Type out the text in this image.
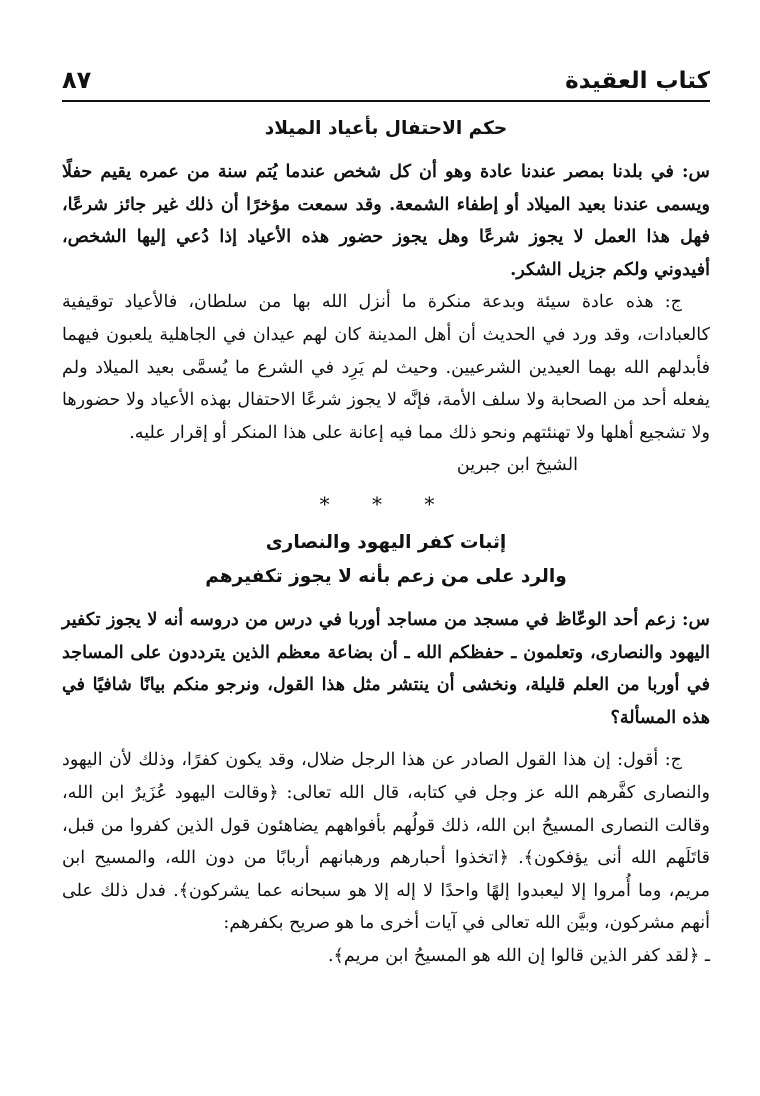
كتاب العقيدة
٨٧
حكم الاحتفال بأعياد الميلاد

س: في بلدنا بمصر عندنا عادة وهو أن كل شخص عندما يُتم سنة من عمره يقيم حفلًا ويسمى عندنا بعيد الميلاد أو إطفاء الشمعة. وقد سمعت مؤخرًا أن ذلك غير جائز شرعًا، فهل هذا العمل لا يجوز شرعًا وهل يجوز حضور هذه الأعياد إذا دُعي إليها الشخص، أفيدوني ولكم جزيل الشكر.

ج: هذه عادة سيئة وبدعة منكرة ما أنزل الله بها من سلطان، فالأعياد توقيفية كالعبادات، وقد ورد في الحديث أن أهل المدينة كان لهم عيدان في الجاهلية يلعبون فيهما فأبدلهم الله بهما العيدين الشرعيين. وحيث لم يَرِد في الشرع ما يُسمَّى بعيد الميلاد ولم يفعله أحد من الصحابة ولا سلف الأمة، فإنَّه لا يجوز شرعًا الاحتفال بهذه الأعياد ولا حضورها ولا تشجيع أهلها ولا تهنئتهم ونحو ذلك مما فيه إعانة على هذا المنكر أو إقرار عليه.

الشيخ ابن جبرين

* * *
إثبات كفر اليهود والنصارى
والرد على من زعم بأنه لا يجوز تكفيرهم

س: زعم أحد الوعّاظ في مسجد من مساجد أوربا في درس من دروسه أنه لا يجوز تكفير اليهود والنصارى، وتعلمون ـ حفظكم الله ـ أن بضاعة معظم الذين يترددون على المساجد في أوربا من العلم قليلة، ونخشى أن ينتشر مثل هذا القول، ونرجو منكم بيانًا شافيًا في هذه المسألة؟

ج: أقول: إن هذا القول الصادر عن هذا الرجل ضلال، وقد يكون كفرًا، وذلك لأن اليهود والنصارى كفَّرهم الله عز وجل في كتابه، قال الله تعالى: ﴿وقالت اليهود عُزَيرٌ ابن الله، وقالت النصارى المسيحُ ابن الله، ذلك قولُهم بأفواههم يضاهئون قول الذين كفروا من قبل، قاتَلَهم الله أنى يؤفكون﴾. ﴿اتخذوا أحبارهم ورهبانهم أربابًا من دون الله، والمسيح ابن مريم، وما أُمروا إلا ليعبدوا إلهًا واحدًا لا إله إلا هو سبحانه عما يشركون﴾. فدل ذلك على أنهم مشركون، وبيَّن الله تعالى في آيات أخرى ما هو صريح بكفرهم:

ـ ﴿لقد كفر الذين قالوا إن الله هو المسيحُ ابن مريم﴾.
